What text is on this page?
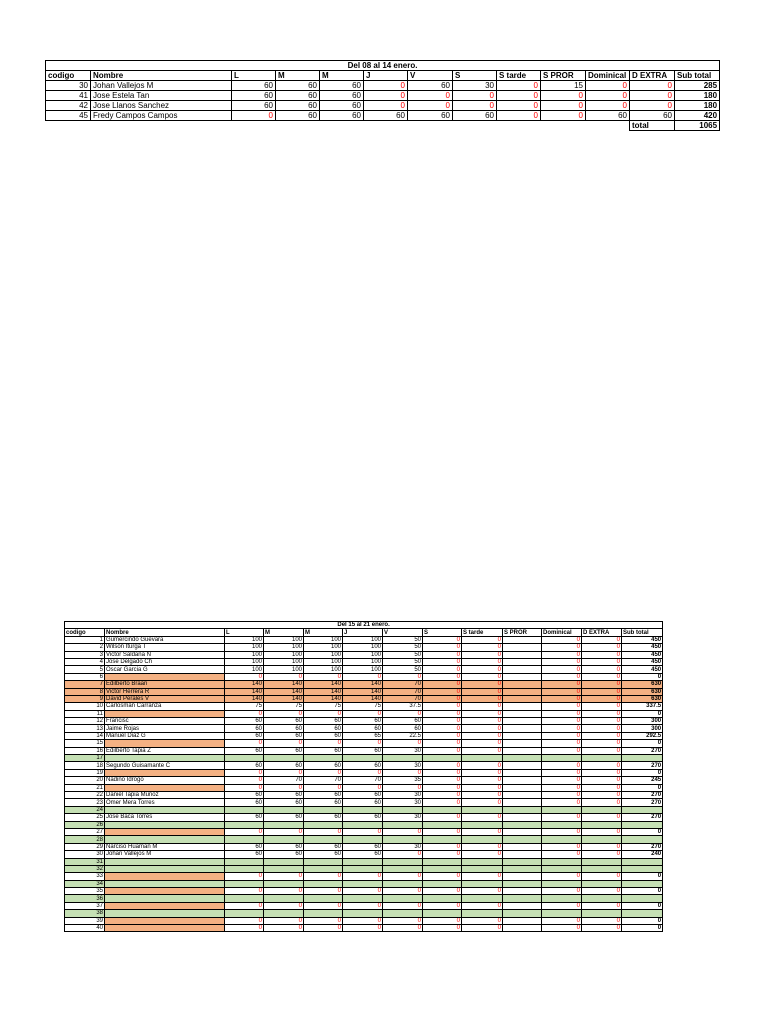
Del 08 al 14 enero.												
codigo	Nombre	L	M	M	J	V	S	S tarde	S PROR	Dominical	D EXTRA	Sub total
30	Johan Vallejos M	60	60	60	0	60	30	0	15	0	0	285
41	Jose Estela Tan	60	60	60	0	0	0	0	0	0	0	180
42	Jose Llanos Sanchez	60	60	60	0	0	0	0	0	0	0	180
45	Fredy Campos Campos	0	60	60	60	60	60	0	0	60	60	420
											total	1065
Del 15 al 21 enero.												
codigo	Nombre	L	M	M	J	V	S	S tarde	S PROR	Dominical	D EXTRA	Sub total
1	Gumercindo Guevara	100	100	100	100	50	0	0		0	0	450
2	Wilson Iturga T	100	100	100	100	50	0	0		0	0	450
3	Victor Saldaña N	100	100	100	100	50	0	0		0	0	450
4	Jose Delgado Ch	100	100	100	100	50	0	0		0	0	450
5	Oscar Garcia G	100	100	100	100	50	0	0		0	0	450
6		0	0	0	0	0	0	0		0	0	0
7	Edilberto Braan	140	140	140	140	70	0	0		0	0	630
8	Victor Herrera R	140	140	140	140	70	0	0		0	0	630
9	David Perales V	140	140	140	140	70	0	0		0	0	630
10	Carlosman Carranza	75	75	75	75	37.5	0	0		0	0	337.5
11		0	0	0	0	0	0	0		0	0	0
12	Francisc	60	60	60	60	60	0	0		0	0	300
13	Jaime Rojas	60	60	60	60	60	0	0		0	0	300
14	Manuel Diaz G	60	60	60	65	22.5	0	0		0	0	292.5
15		0	0	0	0	0	0	0		0	0	0
16	Edilberto Tapia Z	60	60	60	60	30	0	0		0	0	270
17												
18	Segundo Guisamante C	60	60	60	60	30	0	0		0	0	270
19		0	0	0	0	0	0	0		0	0	0
20	Nadino Idrogo	0	70	70	70	35	0	0		0	0	245
21		0	0	0	0	0	0	0		0	0	0
22	Daniel Tapia Muñoz	60	60	60	60	30	0	0		0	0	270
23	Omer Mera Torres	60	60	60	60	30	0	0		0	0	270
24												
25	Jose Baca Torres	60	60	60	60	30	0	0		0	0	270
26												
27		0	0	0	0	0	0	0		0	0	0
28												
29	Narciso Huaman M	60	60	60	60	30	0	0		0	0	270
30	Johan Vallejos M	60	60	60	60	0	0	0		0	0	240
31												
32												
33		0	0	0	0	0	0	0		0	0	0
34												
35		0	0	0	0	0	0	0		0	0	0
36												
37		0	0	0	0	0	0	0		0	0	0
38												
39		0	0	0	0	0	0	0		0	0	0
40		0	0	0	0	0	0	0		0	0	0
